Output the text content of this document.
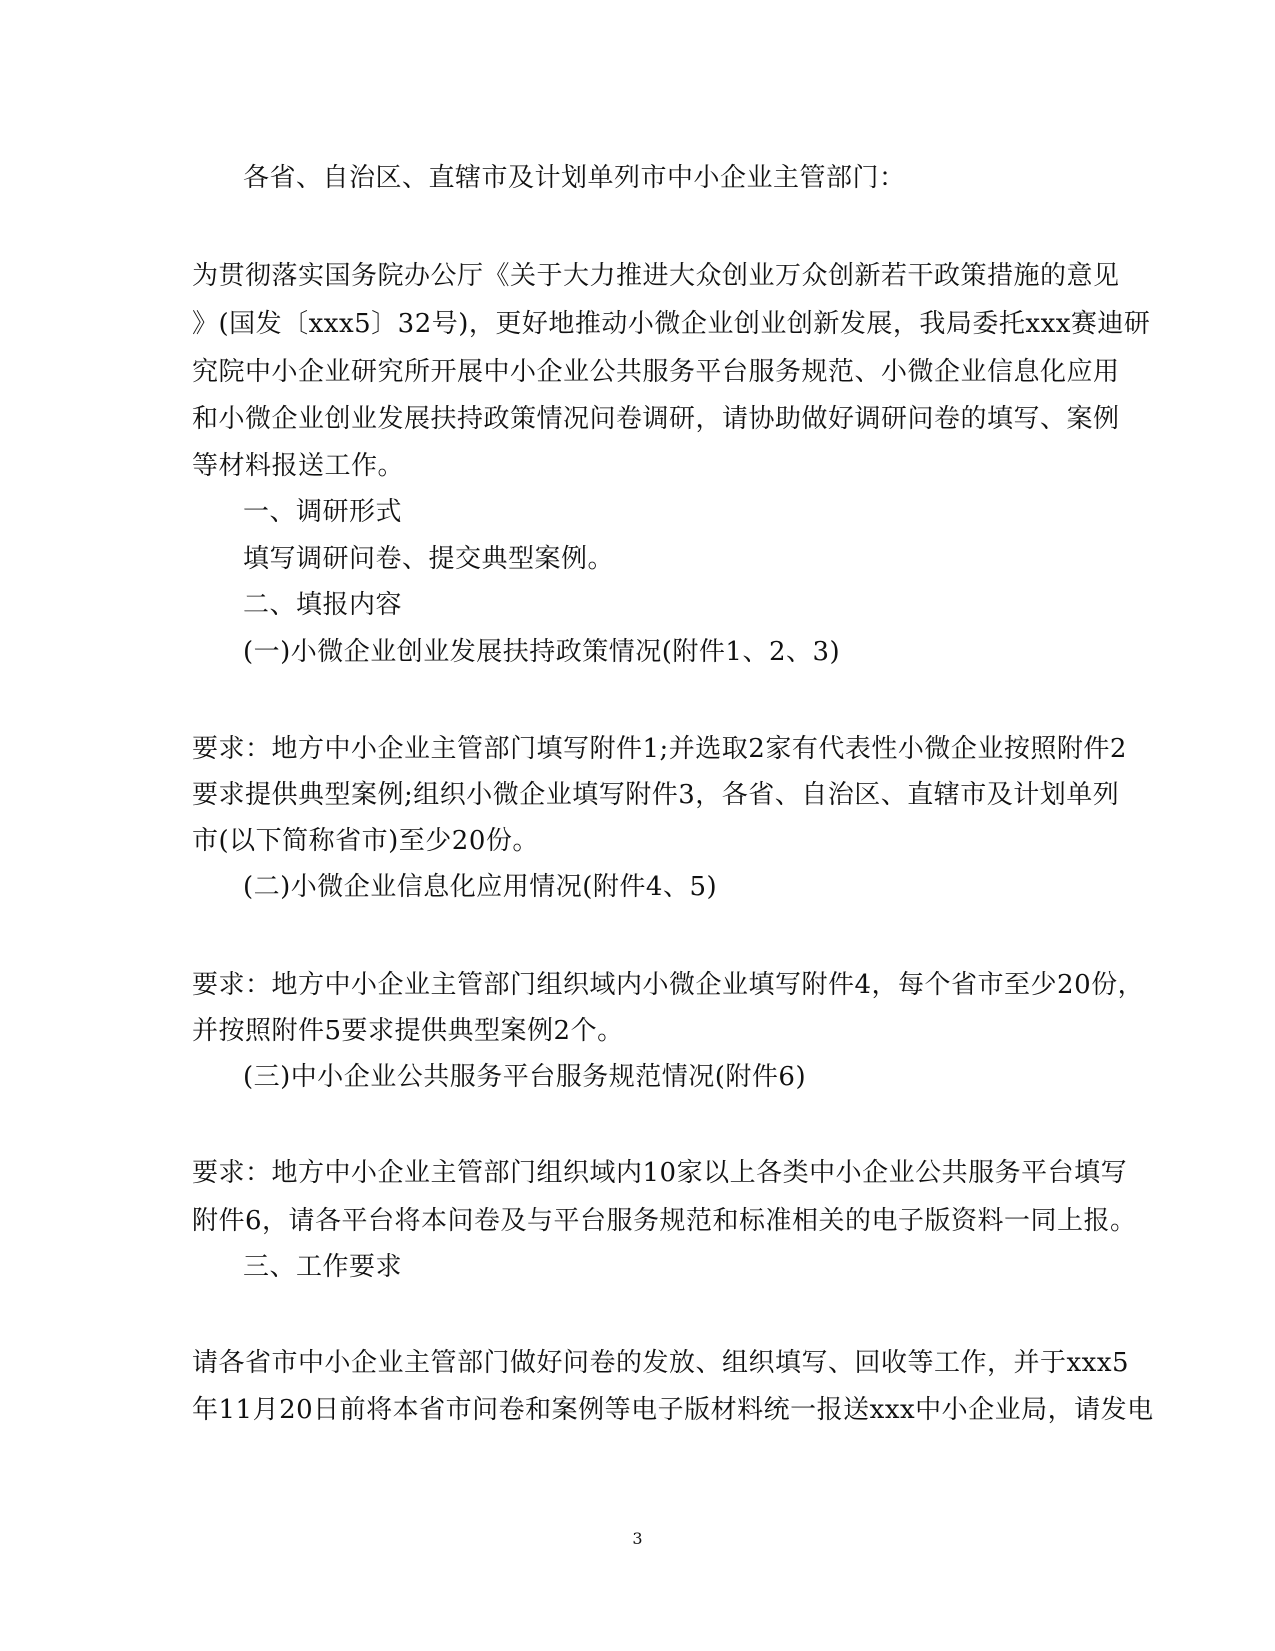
各省、自治区、直辖市及计划单列市中小企业主管部门：
为贯彻落实国务院办公厅《关于大力推进大众创业万众创新若干政策措施的意见
》(国发〔xxx5〕32号)，更好地推动小微企业创业创新发展，我局委托xxx赛迪研
究院中小企业研究所开展中小企业公共服务平台服务规范、小微企业信息化应用
和小微企业创业发展扶持政策情况问卷调研，请协助做好调研问卷的填写、案例
等材料报送工作。
一、调研形式
填写调研问卷、提交典型案例。
二、填报内容
(一)小微企业创业发展扶持政策情况(附件1、2、3)
要求：地方中小企业主管部门填写附件1;并选取2家有代表性小微企业按照附件2
要求提供典型案例;组织小微企业填写附件3，各省、自治区、直辖市及计划单列
市(以下简称省市)至少20份。
(二)小微企业信息化应用情况(附件4、5)
要求：地方中小企业主管部门组织域内小微企业填写附件4，每个省市至少20份，
并按照附件5要求提供典型案例2个。
(三)中小企业公共服务平台服务规范情况(附件6)
要求：地方中小企业主管部门组织域内10家以上各类中小企业公共服务平台填写
附件6，请各平台将本问卷及与平台服务规范和标准相关的电子版资料一同上报。
三、工作要求
请各省市中小企业主管部门做好问卷的发放、组织填写、回收等工作，并于xxx5
年11月20日前将本省市问卷和案例等电子版材料统一报送xxx中小企业局，请发电
3
